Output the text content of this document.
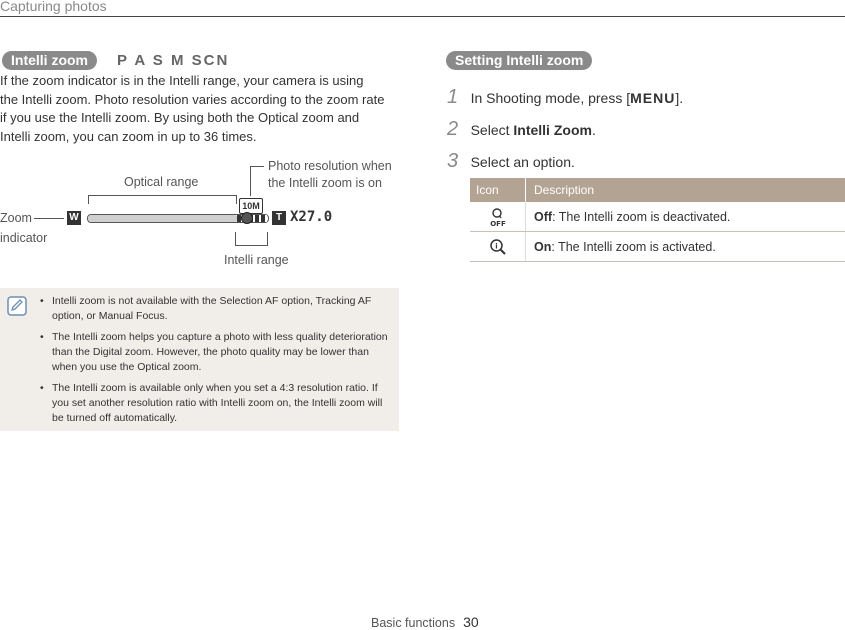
Capturing photos
Intelli zoom	P A S M SCN
If the zoom indicator is in the Intelli range, your camera is using the Intelli zoom. Photo resolution varies according to the zoom rate if you use the Intelli zoom. By using both the Optical zoom and Intelli zoom, you can zoom in up to 36 times.
Optical range
Photo resolution when
the Intelli zoom is on
10M
Zoom
indicator
W	T X27.0
Intelli range
• Intelli zoom is not available with the Selection AF option, Tracking AF option, or Manual Focus.
• The Intelli zoom helps you capture a photo with less quality deterioration than the Digital zoom. However, the photo quality may be lower than when you use the Optical zoom.
• The Intelli zoom is available only when you set a 4:3 resolution ratio. If you set another resolution ratio with Intelli zoom on, the Intelli zoom will be turned off automatically.
Setting Intelli zoom
1 In Shooting mode, press [MENU].
2 Select Intelli Zoom.
3 Select an option.
Icon	Description
OFF	Off: The Intelli zoom is deactivated.
i	On: The Intelli zoom is activated.
Basic functions 30
